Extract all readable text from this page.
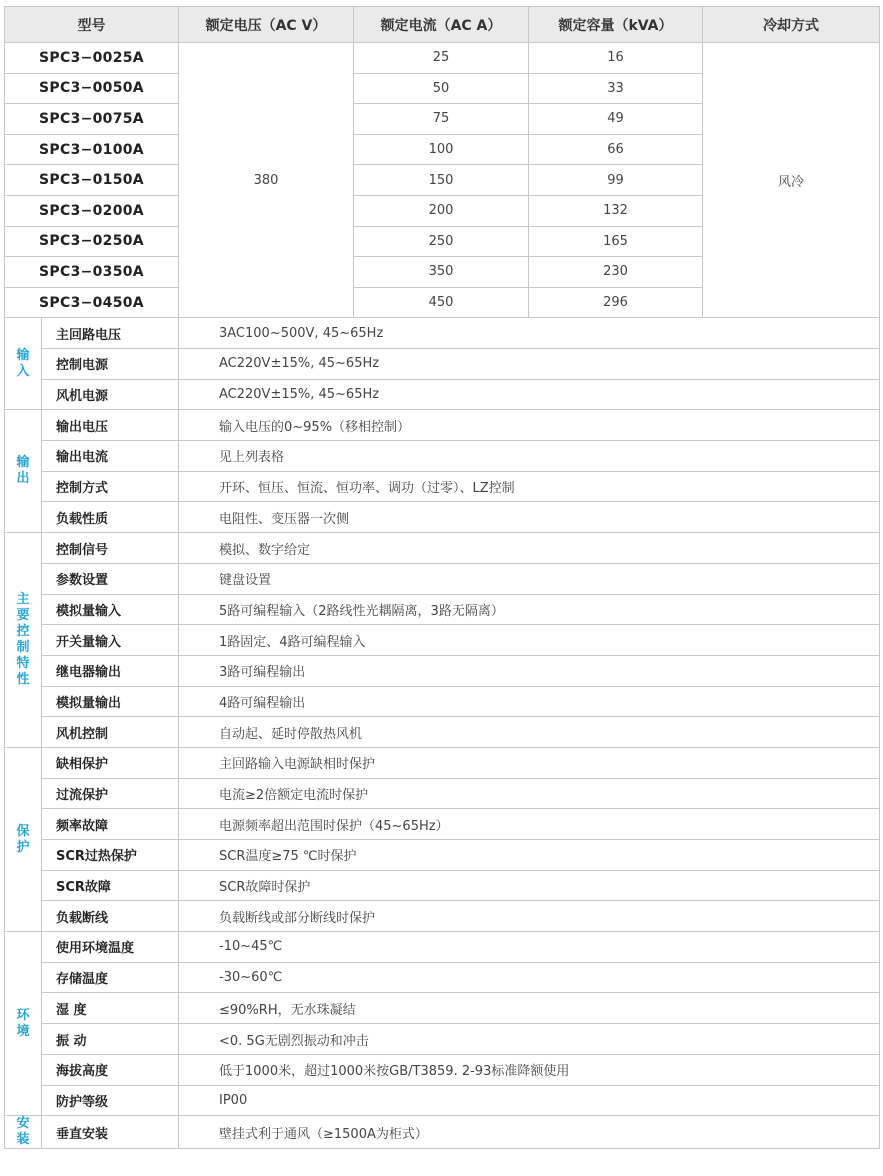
型号		额定电压（AC V）	额定电流（AC A）	额定容量（kVA）	冷却方式
SPC3−0025A		380	25	16	风冷
SPC3−0050A			50	33	
SPC3−0075A			75	49	
SPC3−0100A			100	66	
SPC3−0150A			150	99	
SPC3−0200A			200	132	
SPC3−0250A			250	165	
SPC3−0350A			350	230	
SPC3−0450A			450	296	
输入	主回路电压	3AC100~500V, 45~65Hz			
	控制电源	AC220V±15%, 45~65Hz			
	风机电源	AC220V±15%, 45~65Hz			
输出	输出电压	输入电压的0~95%（移相控制）			
	输出电流	见上列表格			
	控制方式	开环、恒压、恒流、恒功率、调功（过零）、LZ控制			
	负载性质	电阻性、变压器一次侧			
主要控制特性	控制信号	模拟、数字给定			
	参数设置	键盘设置			
	模拟量输入	5路可编程输入（2路线性光耦隔离，3路无隔离）			
	开关量输入	1路固定、4路可编程输入			
	继电器输出	3路可编程输出			
	模拟量输出	4路可编程输出			
	风机控制	自动起、延时停散热风机			
保护	缺相保护	主回路输入电源缺相时保护			
	过流保护	电流≥2倍额定电流时保护			
	频率故障	电源频率超出范围时保护（45~65Hz）			
	SCR过热保护	SCR温度≥75 ℃时保护			
	SCR故障	SCR故障时保护			
	负载断线	负载断线或部分断线时保护			
环境	使用环境温度	-10~45℃			
	存储温度	-30~60℃			
	湿 度	≤90%RH，无水珠凝结			
	振 动	<0. 5G无剧烈振动和冲击			
	海拔高度	低于1000米，超过1000米按GB/T3859. 2-93标准降额使用			
	防护等级	IP00			
安装	垂直安装	壁挂式利于通风（≥1500A为柜式）			
